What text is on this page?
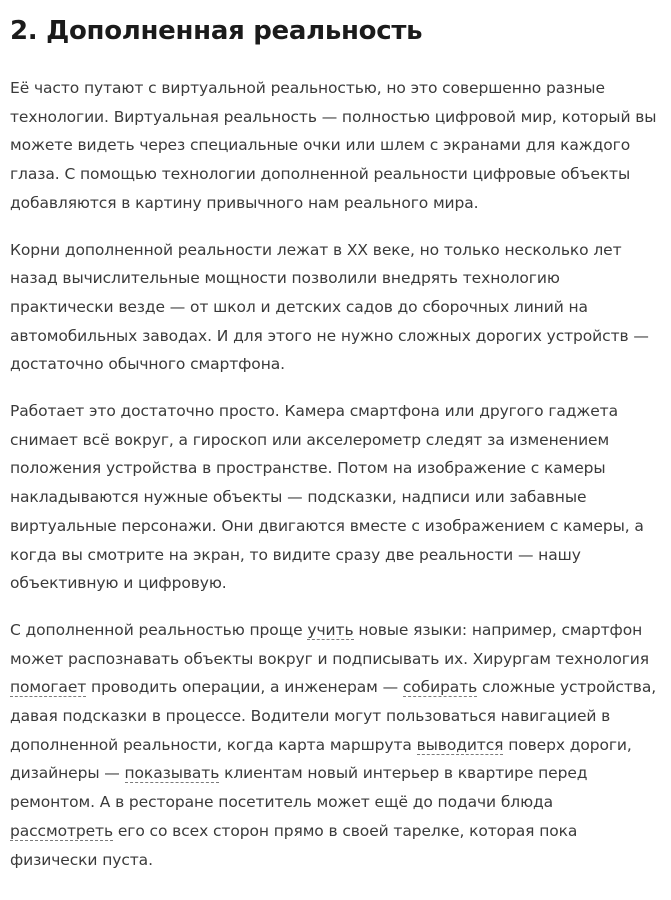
2. Дополненная реальность

Её часто путают с виртуальной реальностью, но это совершенно разные технологии. Виртуальная реальность — полностью цифровой мир, который вы можете видеть через специальные очки или шлем с экранами для каждого глаза. С помощью технологии дополненной реальности цифровые объекты добавляются в картину привычного нам реального мира.

Корни дополненной реальности лежат в XX веке, но только несколько лет назад вычислительные мощности позволили внедрять технологию практически везде — от школ и детских садов до сборочных линий на автомобильных заводах. И для этого не нужно сложных дорогих устройств — достаточно обычного смартфона.

Работает это достаточно просто. Камера смартфона или другого гаджета снимает всё вокруг, а гироскоп или акселерометр следят за изменением положения устройства в пространстве. Потом на изображение с камеры накладываются нужные объекты — подсказки, надписи или забавные виртуальные персонажи. Они двигаются вместе с изображением с камеры, а когда вы смотрите на экран, то видите сразу две реальности — нашу объективную и цифровую.

С дополненной реальностью проще учить новые языки: например, смартфон может распознавать объекты вокруг и подписывать их. Хирургам технология помогает проводить операции, а инженерам — собирать сложные устройства, давая подсказки в процессе. Водители могут пользоваться навигацией в дополненной реальности, когда карта маршрута выводится поверх дороги, дизайнеры — показывать клиентам новый интерьер в квартире перед ремонтом. А в ресторане посетитель может ещё до подачи блюда рассмотреть его со всех сторон прямо в своей тарелке, которая пока физически пуста.
